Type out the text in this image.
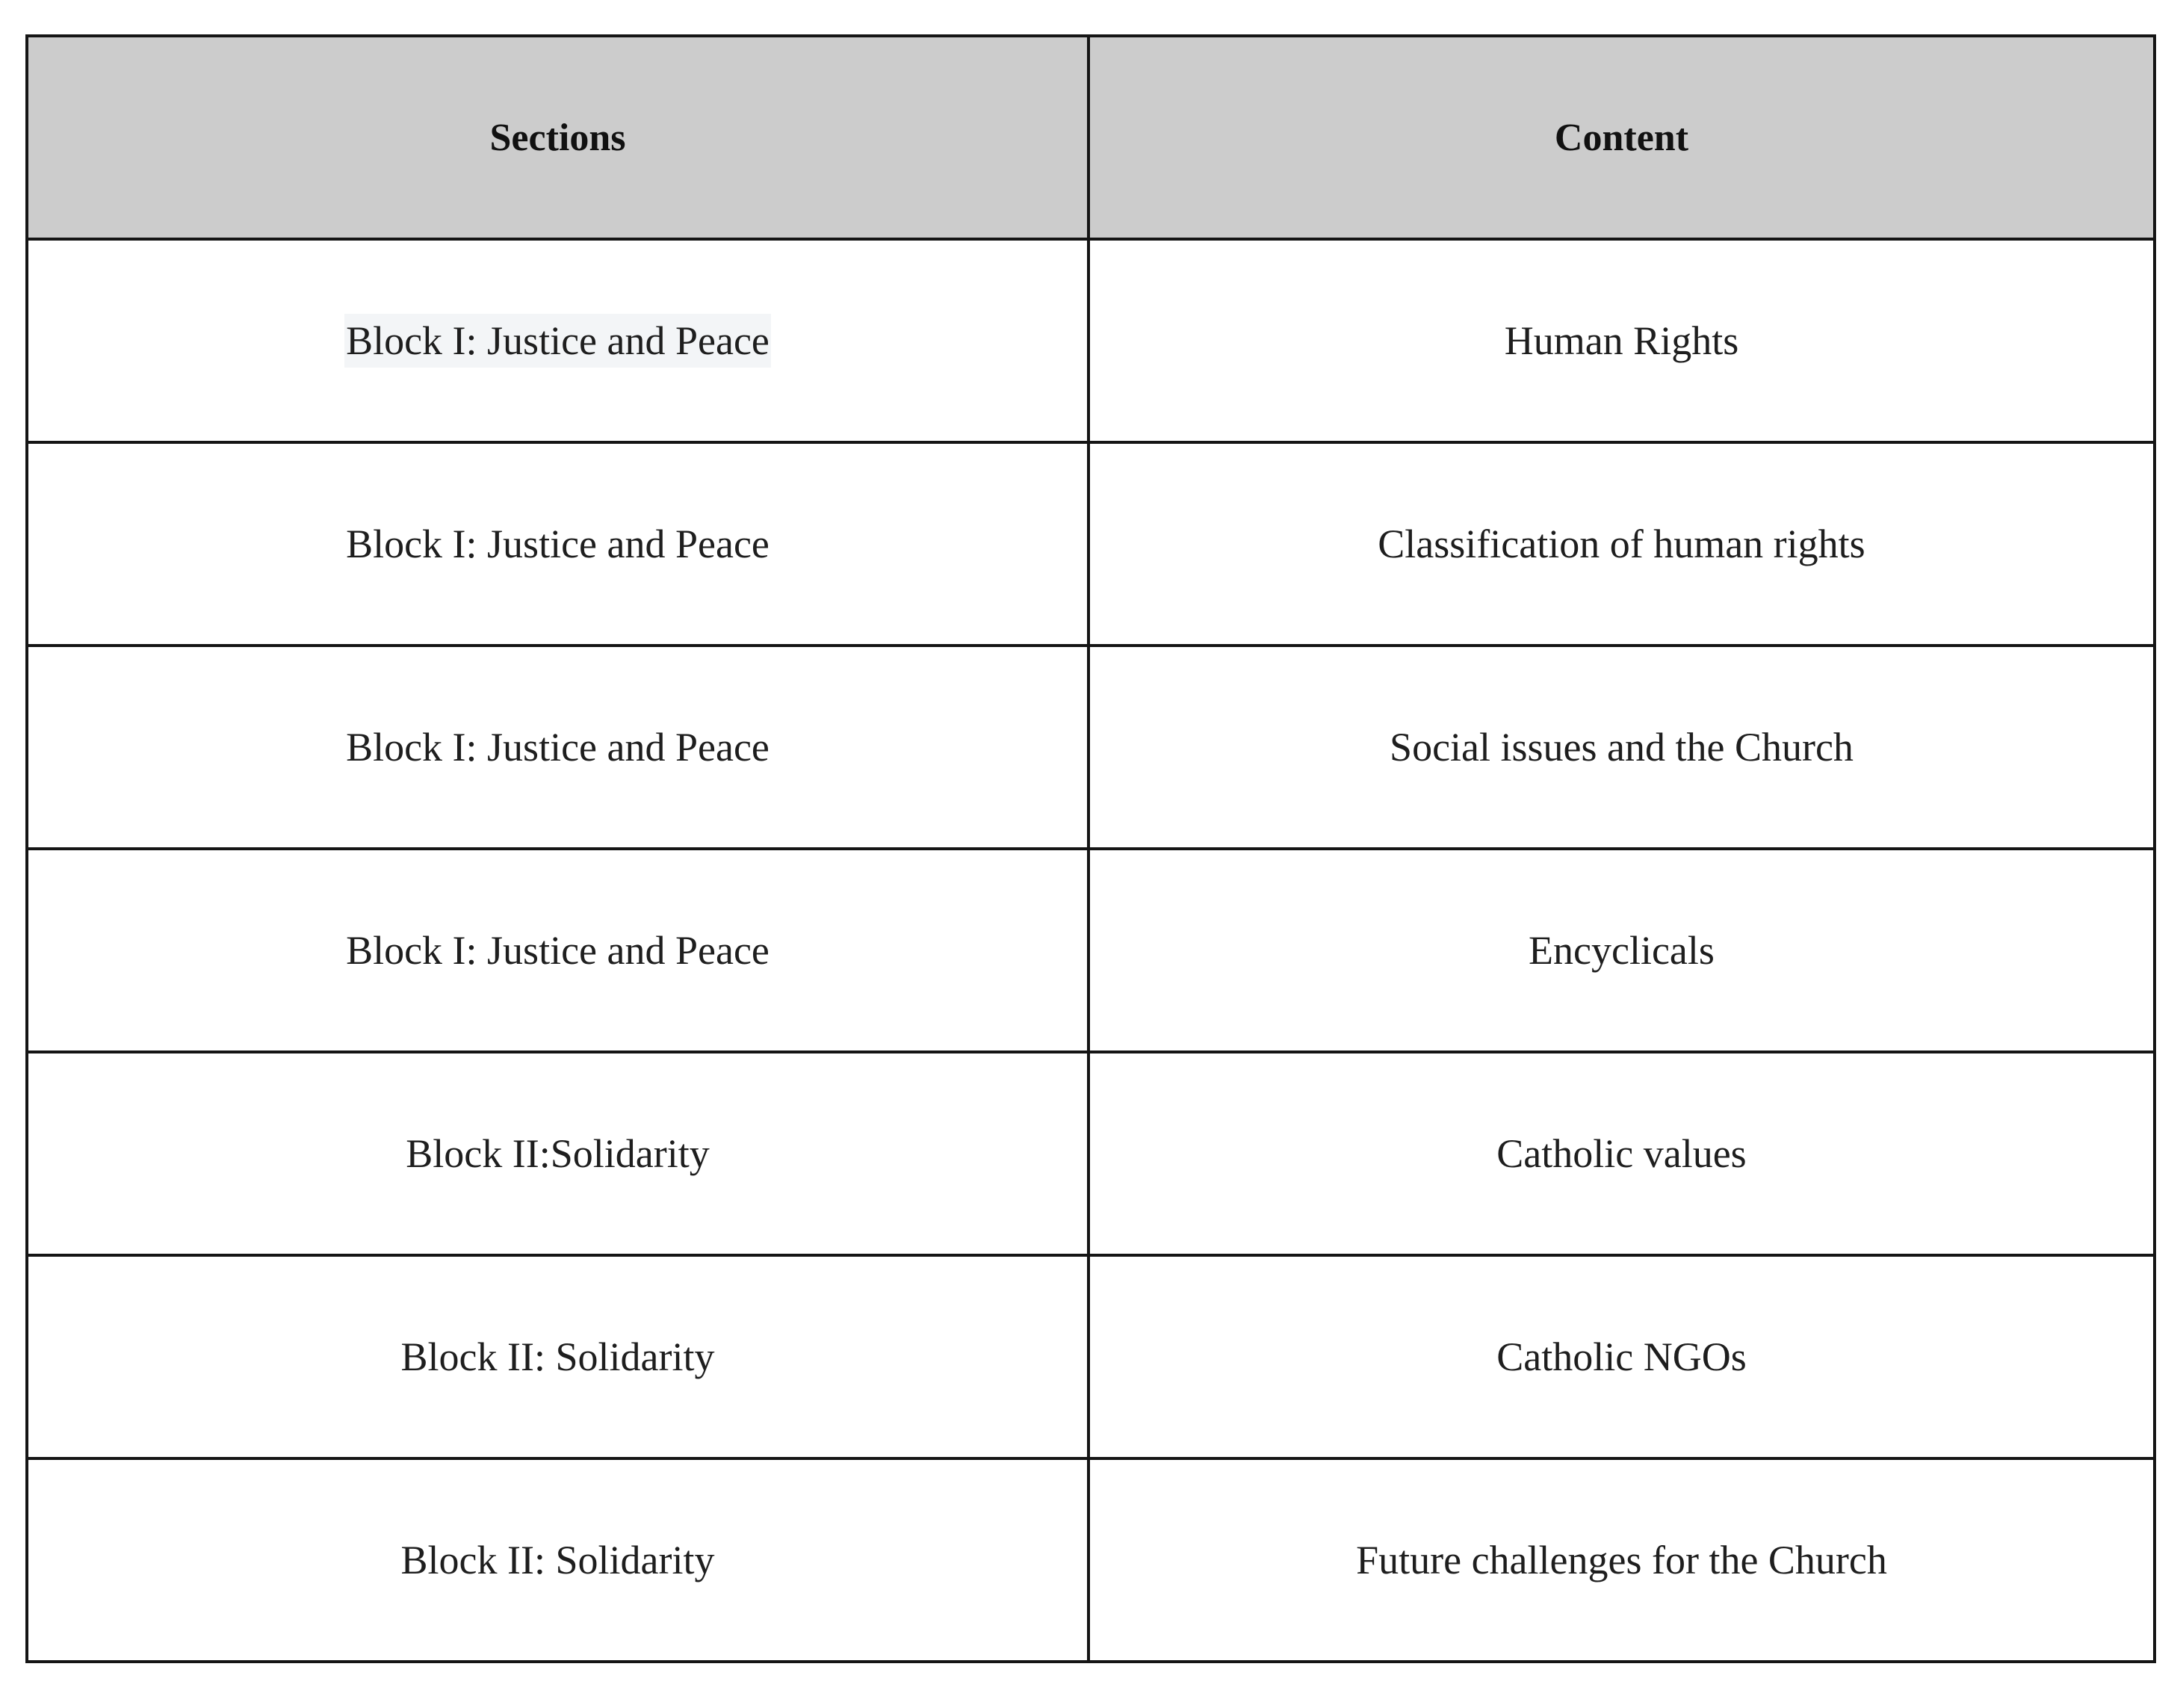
Sections	Content
Block I: Justice and Peace	Human Rights
Block I: Justice and Peace	Classification of human rights
Block I: Justice and Peace	Social issues and the Church
Block I: Justice and Peace	Encyclicals
Block II:Solidarity	Catholic values
Block II: Solidarity	Catholic NGOs
Block II: Solidarity	Future challenges for the Church
